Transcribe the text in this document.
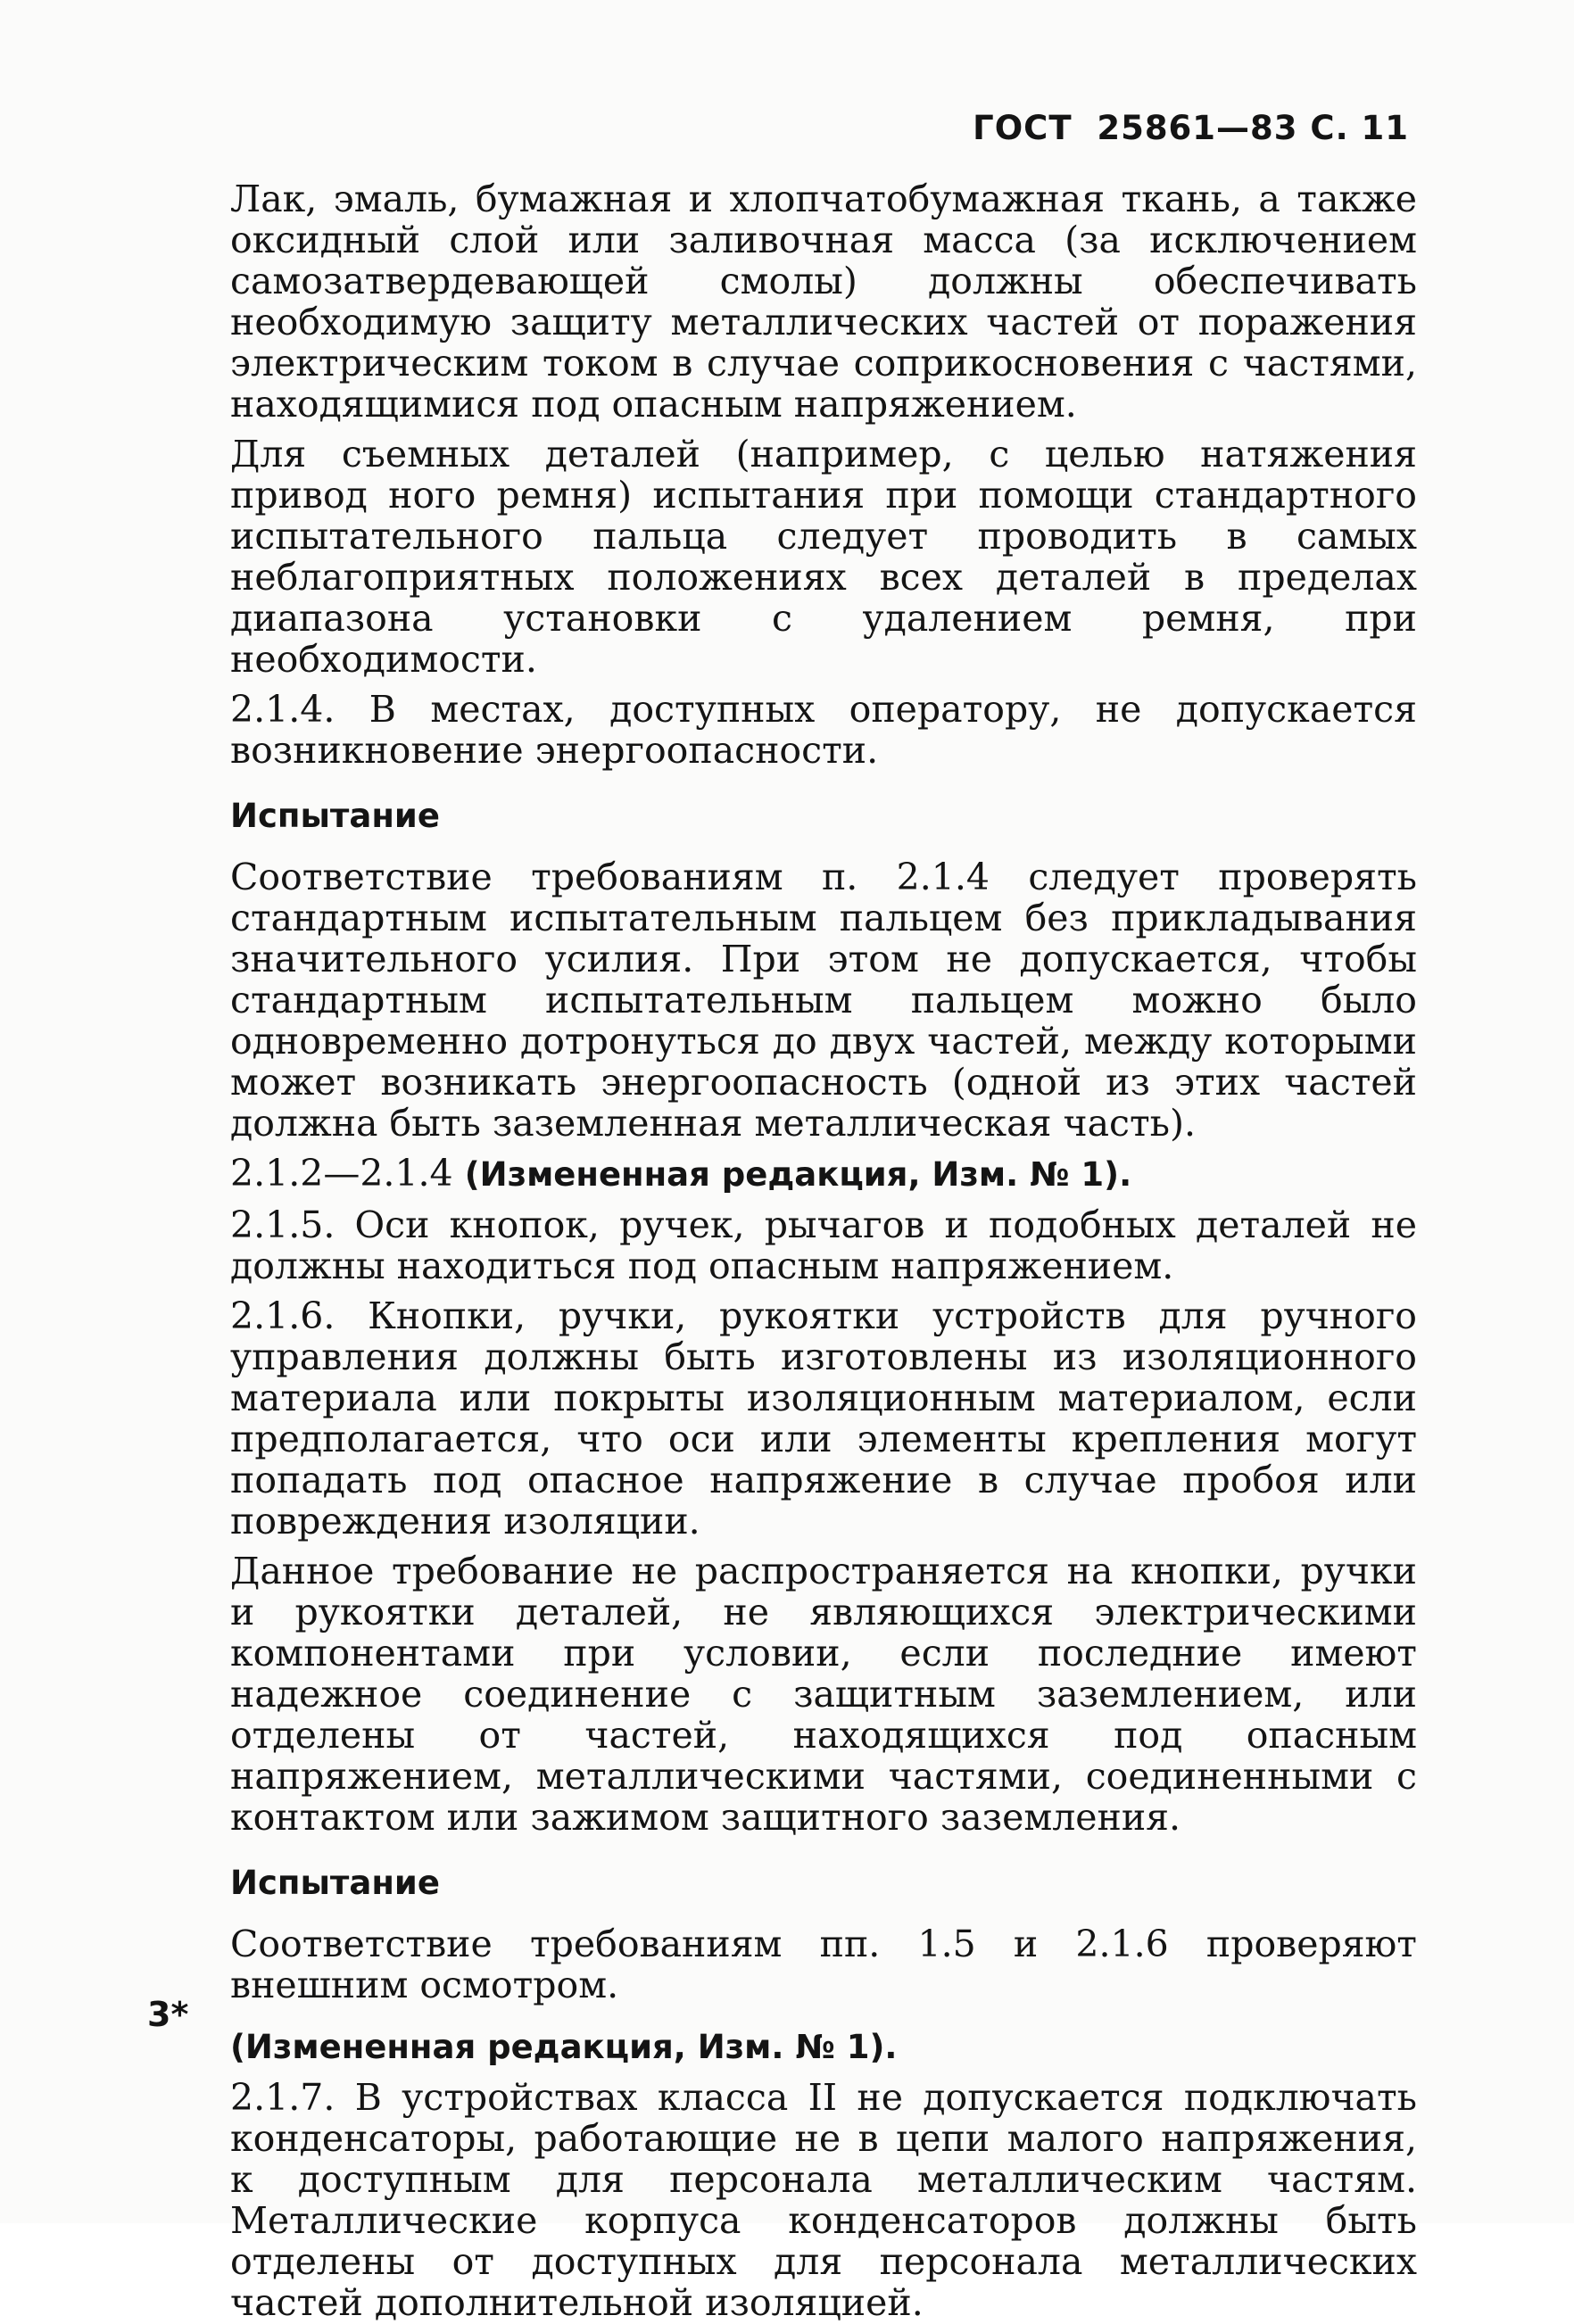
ГОСТ  25861—83 С. 11

Лак, эмаль, бумажная и хлопчатобумажная ткань, а также оксидный слой или заливочная масса (за исключением самозатвердевающей смолы) должны обеспечивать необходимую защиту металлических частей от поражения электрическим током в случае соприкосновения с частями, находящимися под опасным напряжением.

Для съемных деталей (например, с целью натяжения привод ного ремня) испытания при помощи стандартного испытательного пальца следует проводить в самых неблагоприятных положениях всех деталей в пределах диапазона установки с удалением ремня, при необходимости.

2.1.4. В местах, доступных оператору, не допускается возникновение энергоопасности.

Испытание

Соответствие требованиям п. 2.1.4 следует проверять стандартным испытательным пальцем без прикладывания значительного усилия. При этом не допускается, чтобы стандартным испытательным пальцем можно было одновременно дотронуться до двух частей, между которыми может возникать энергоопасность (одной из этих частей должна быть заземленная металлическая часть).

2.1.2—2.1.4 (Измененная редакция, Изм. № 1).

2.1.5. Оси кнопок, ручек, рычагов и подобных деталей не должны находиться под опасным напряжением.

2.1.6. Кнопки, ручки, рукоятки устройств для ручного управления должны быть изготовлены из изоляционного материала или покрыты изоляционным материалом, если предполагается, что оси или элементы крепления могут попадать под опасное напряжение в случае пробоя или повреждения изоляции.

Данное требование не распространяется на кнопки, ручки и рукоятки деталей, не являющихся электрическими компонентами при условии, если последние имеют надежное соединение с защитным заземлением, или отделены от частей, находящихся под опасным напряжением, металлическими частями, соединенными с контактом или зажимом защитного заземления.

Испытание

Соответствие требованиям пп. 1.5 и 2.1.6 проверяют внешним осмотром.

(Измененная редакция, Изм. № 1).

2.1.7. В устройствах класса II не допускается подключать конденсаторы, работающие не в цепи малого напряжения, к доступным для персонала металлическим частям. Металлические корпуса конденсаторов должны быть отделены от доступных для персонала металлических частей дополнительной изоляцией.

3*
